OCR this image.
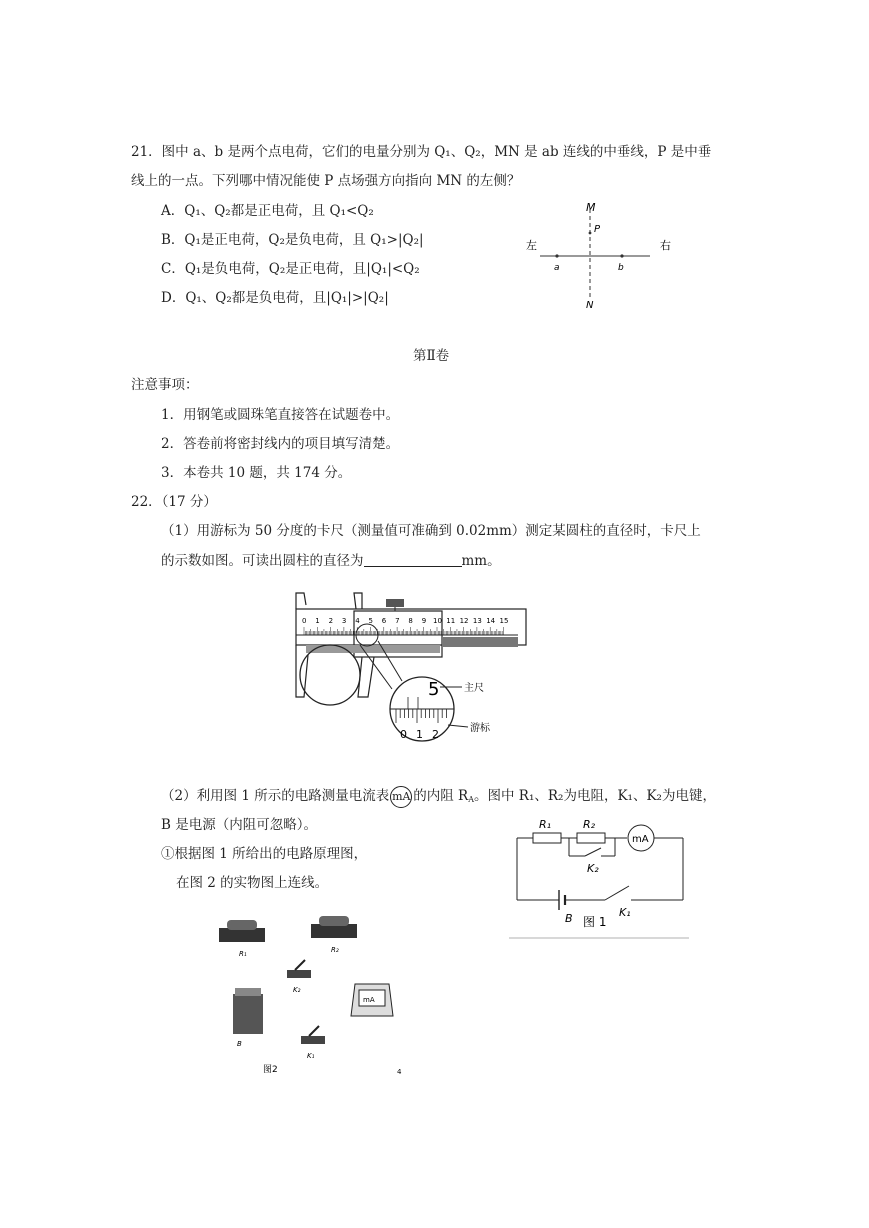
21．图中 a、b 是两个点电荷，它们的电量分别为 Q₁、Q₂，MN 是 ab 连线的中垂线，P 是中垂
线上的一点。下列哪中情况能使 P 点场强方向指向 MN 的左侧？
A．Q₁、Q₂都是正电荷，且 Q₁<Q₂
B．Q₁是正电荷，Q₂是负电荷，且 Q₁>|Q₂|
C．Q₁是负电荷，Q₂是正电荷，且|Q₁|<Q₂
D．Q₁、Q₂都是负电荷，且|Q₁|>|Q₂|
M
P
N
a	b
左	右
第Ⅱ卷
注意事项：
1．用钢笔或圆珠笔直接答在试题卷中。
2．答卷前将密封线内的项目填写清楚。
3．本卷共 10 题，共 174 分。
22．（17 分）
（1）用游标为 50 分度的卡尺（测量值可准确到 0.02mm）测定某圆柱的直径时，卡尺上
的示数如图。可读出圆柱的直径为	mm。
0 1 2 3 4 5 6 7 8 9 10 11 12 13 14 15
5
0 1 2
主尺
游标
（2）利用图 1 所示的电路测量电流表 mA 的内阻 $R_A$。图中 R₁、R₂为电阻，K₁、K₂为电键，
B 是电源（内阻可忽略）。
①根据图 1 所给出的电路原理图，
在图 2 的实物图上连线。
mA
R₁	R₂
K₂
B	K₁
图 1
R₁	R₂
K₂
mA
B
K₁
图2	4
